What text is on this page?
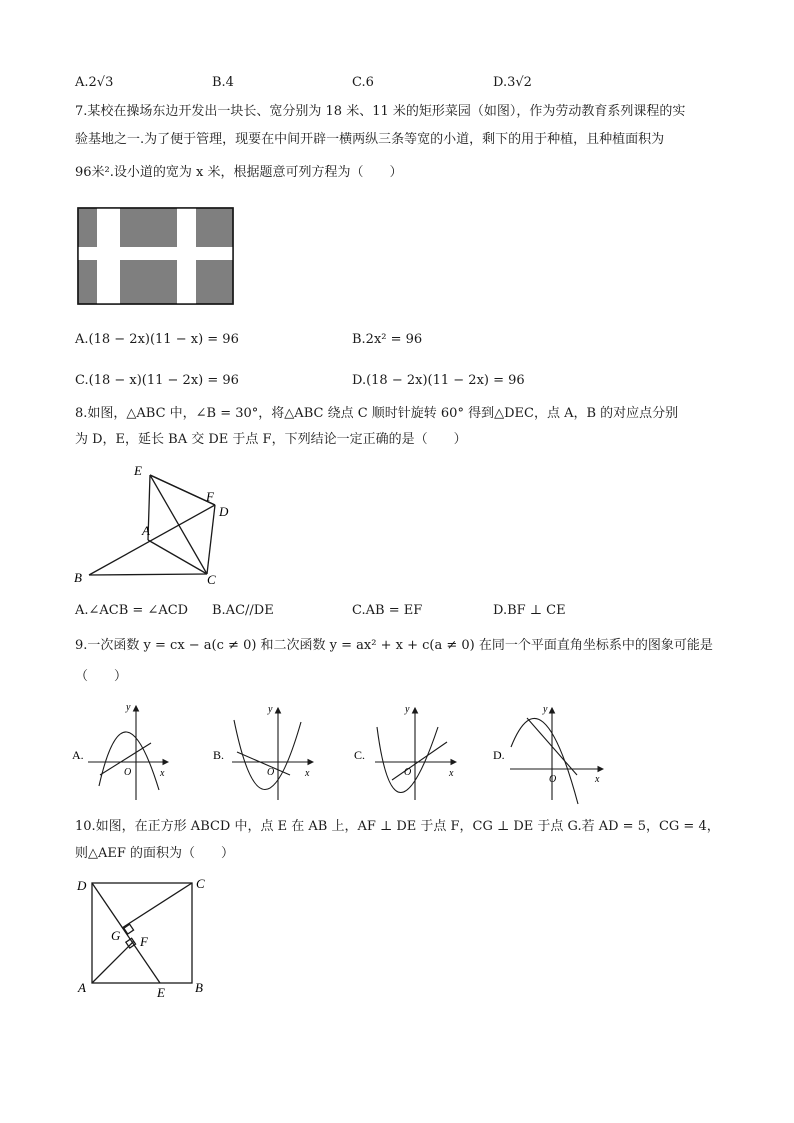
A.2√3	B.4	C.6	D.3√2
7.某校在操场东边开发出一块长、宽分别为 18 米、11 米的矩形菜园（如图），作为劳动教育系列课程的实
验基地之一.为了便于管理，现要在中间开辟一横两纵三条等宽的小道，剩下的用于种植，且种植面积为
96米².设小道的宽为 x 米，根据题意可列方程为（　　）
A.(18 − 2x)(11 − x) = 96	B.2x² = 96
C.(18 − x)(11 − 2x) = 96	D.(18 − 2x)(11 − 2x) = 96
8.如图，△ABC 中，∠B = 30°，将△ABC 绕点 C 顺时针旋转 60° 得到△DEC，点 A，B 的对应点分别
为 D，E，延长 BA 交 DE 于点 F，下列结论一定正确的是（　　）
E
F
D
A
B	C
A.∠ACB = ∠ACD B.AC//DE	C.AB = EF	D.BF ⊥ CE
9.一次函数 y = cx − a(c ≠ 0) 和二次函数 y = ax² + x + c(a ≠ 0) 在同一个平面直角坐标系中的图象可能是
（　　）
A.	B.	C.	D.
y
x
O
y
x
O
y
x
O
y
x
O
10.如图，在正方形 ABCD 中，点 E 在 AB 上，AF ⊥ DE 于点 F，CG ⊥ DE 于点 G.若 AD = 5，CG = 4，
则△AEF 的面积为（　　）
D	C
G F
A	E B
